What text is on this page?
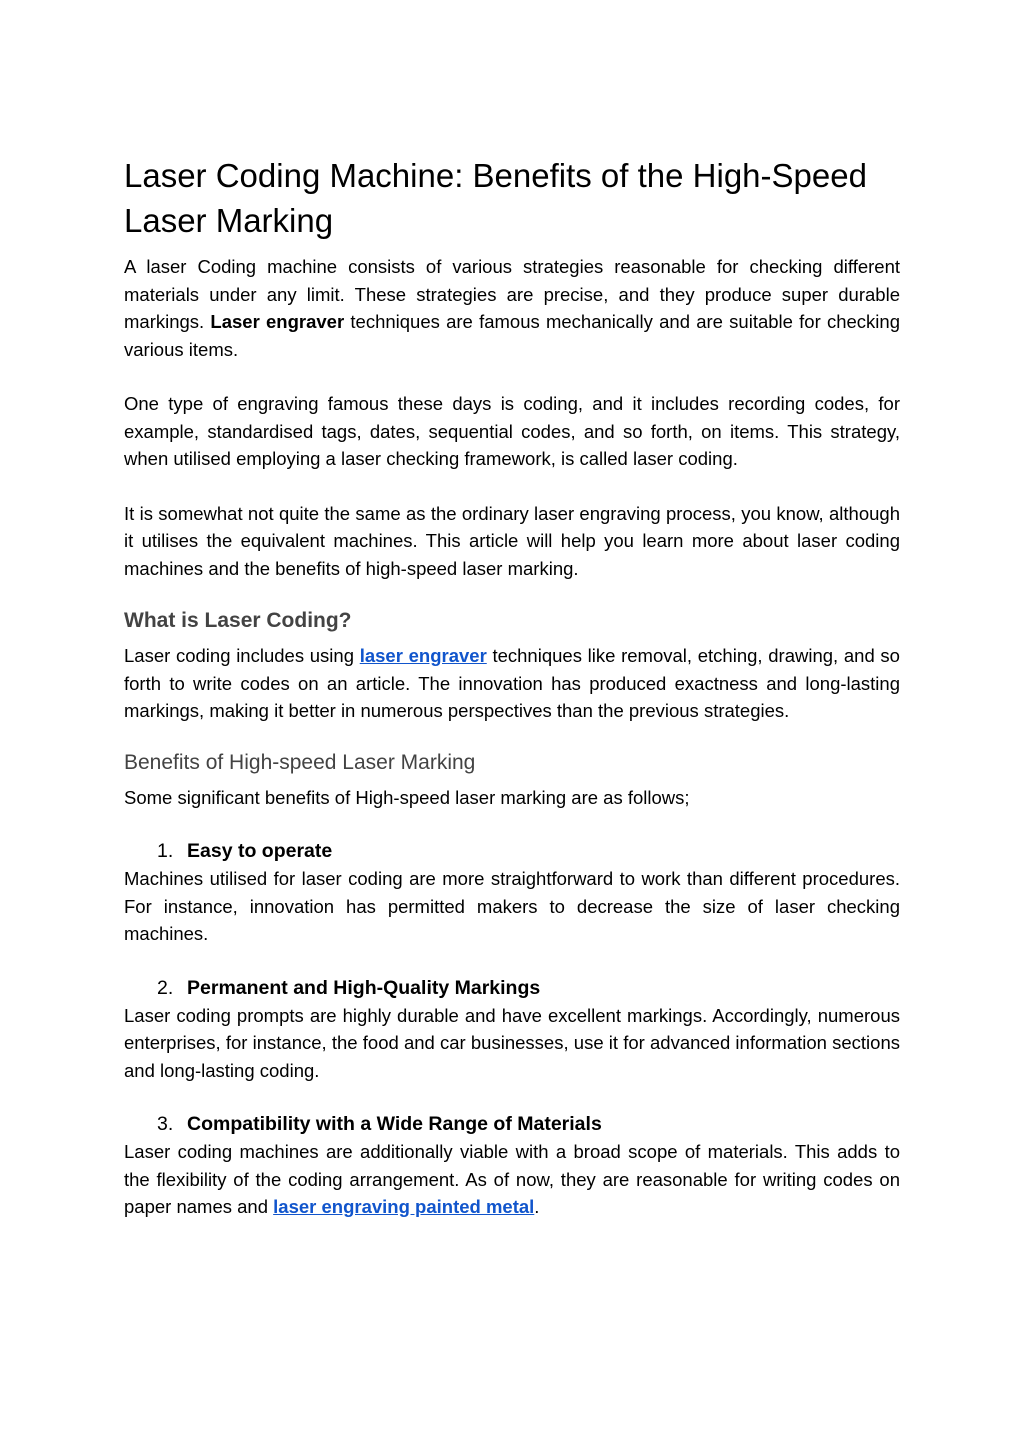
Laser Coding Machine: Benefits of the High-Speed Laser Marking

A laser Coding machine consists of various strategies reasonable for checking different materials under any limit. These strategies are precise, and they produce super durable markings. Laser engraver techniques are famous mechanically and are suitable for checking various items.

One type of engraving famous these days is coding, and it includes recording codes, for example, standardised tags, dates, sequential codes, and so forth, on items. This strategy, when utilised employing a laser checking framework, is called laser coding.

It is somewhat not quite the same as the ordinary laser engraving process, you know, although it utilises the equivalent machines. This article will help you learn more about laser coding machines and the benefits of high-speed laser marking.

What is Laser Coding?

Laser coding includes using laser engraver techniques like removal, etching, drawing, and so forth to write codes on an article. The innovation has produced exactness and long-lasting markings, making it better in numerous perspectives than the previous strategies.

Benefits of High-speed Laser Marking

Some significant benefits of High-speed laser marking are as follows;

1. Easy to operate

Machines utilised for laser coding are more straightforward to work than different procedures. For instance, innovation has permitted makers to decrease the size of laser checking machines.

2. Permanent and High-Quality Markings

Laser coding prompts are highly durable and have excellent markings. Accordingly, numerous enterprises, for instance, the food and car businesses, use it for advanced information sections and long-lasting coding.

3. Compatibility with a Wide Range of Materials

Laser coding machines are additionally viable with a broad scope of materials. This adds to the flexibility of the coding arrangement. As of now, they are reasonable for writing codes on paper names and laser engraving painted metal.
